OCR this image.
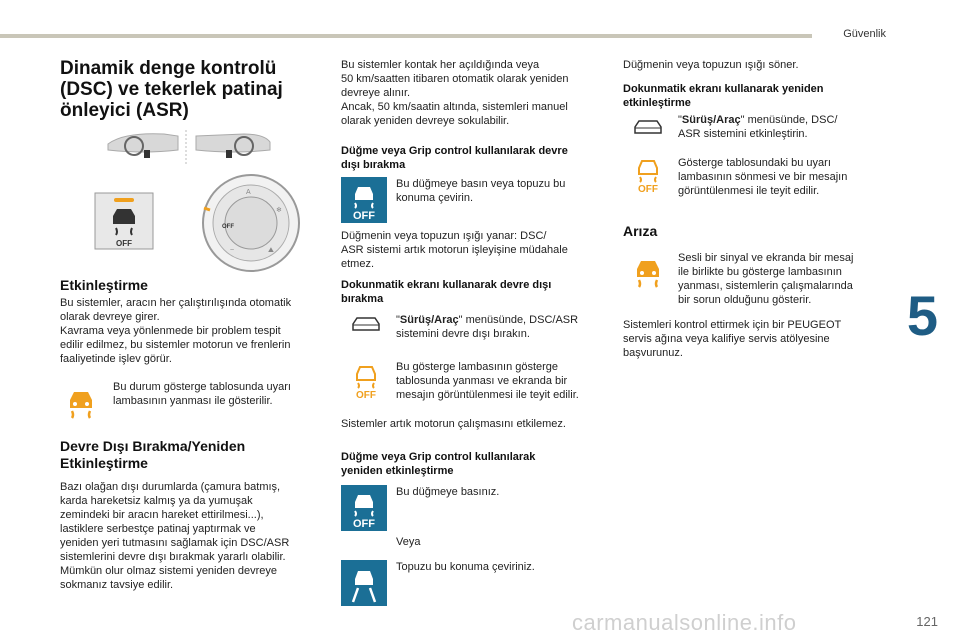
Güvenlik
5
121
carmanualsonline.info
Dinamik denge kontrolü
(DSC) ve tekerlek patinaj
önleyici (ASR)
OFF
OFF
A
❄
~	⛰
Etkinleştirme
Bu sistemler, aracın her çalıştırılışında otomatik
olarak devreye girer.
Kavrama veya yönlenmede bir problem tespit
edilir edilmez, bu sistemler motorun ve frenlerin
faaliyetinde işlev görür.
Bu durum gösterge tablosunda uyarı
lambasının yanması ile gösterilir.
Devre Dışı Bırakma/Yeniden
Etkinleştirme
Bazı olağan dışı durumlarda (çamura batmış,
karda hareketsiz kalmış ya da yumuşak
zemindeki bir aracın hareket ettirilmesi...),
lastiklere serbestçe patinaj yaptırmak ve
yeniden yeri tutmasını sağlamak için DSC/ASR
sistemlerini devre dışı bırakmak yararlı olabilir.
Mümkün olur olmaz sistemi yeniden devreye
sokmanız tavsiye edilir.
Bu sistemler kontak her açıldığında veya
50 km/saatten itibaren otomatik olarak yeniden
devreye alınır.
Ancak, 50 km/saatin altında, sistemleri manuel
olarak yeniden devreye sokulabilir.
Düğme veya Grip control kullanılarak devre
dışı bırakma
OFF
Bu düğmeye basın veya topuzu bu
konuma çevirin.
Düğmenin veya topuzun ışığı yanar: DSC/
ASR sistemi artık motorun işleyişine müdahale
etmez.
Dokunmatik ekranı kullanarak devre dışı
bırakma
"Sürüş/Araç" menüsünde, DSC/ASR
sistemini devre dışı bırakın.
OFF
Bu gösterge lambasının gösterge
tablosunda yanması ve ekranda bir
mesajın görüntülenmesi ile teyit edilir.
Sistemler artık motorun çalışmasını etkilemez.
Düğme veya Grip control kullanılarak
yeniden etkinleştirme
OFF
Bu düğmeye basınız.
Veya
Topuzu bu konuma çeviriniz.
Düğmenin veya topuzun ışığı söner.
Dokunmatik ekranı kullanarak yeniden
etkinleştirme
"Sürüş/Araç" menüsünde, DSC/
ASR sistemini etkinleştirin.
OFF
Gösterge tablosundaki bu uyarı
lambasının sönmesi ve bir mesajın
görüntülenmesi ile teyit edilir.
Arıza
Sesli bir sinyal ve ekranda bir mesaj
ile birlikte bu gösterge lambasının
yanması, sistemlerin çalışmalarında
bir sorun olduğunu gösterir.
Sistemleri kontrol ettirmek için bir PEUGEOT
servis ağına veya kalifiye servis atölyesine
başvurunuz.
